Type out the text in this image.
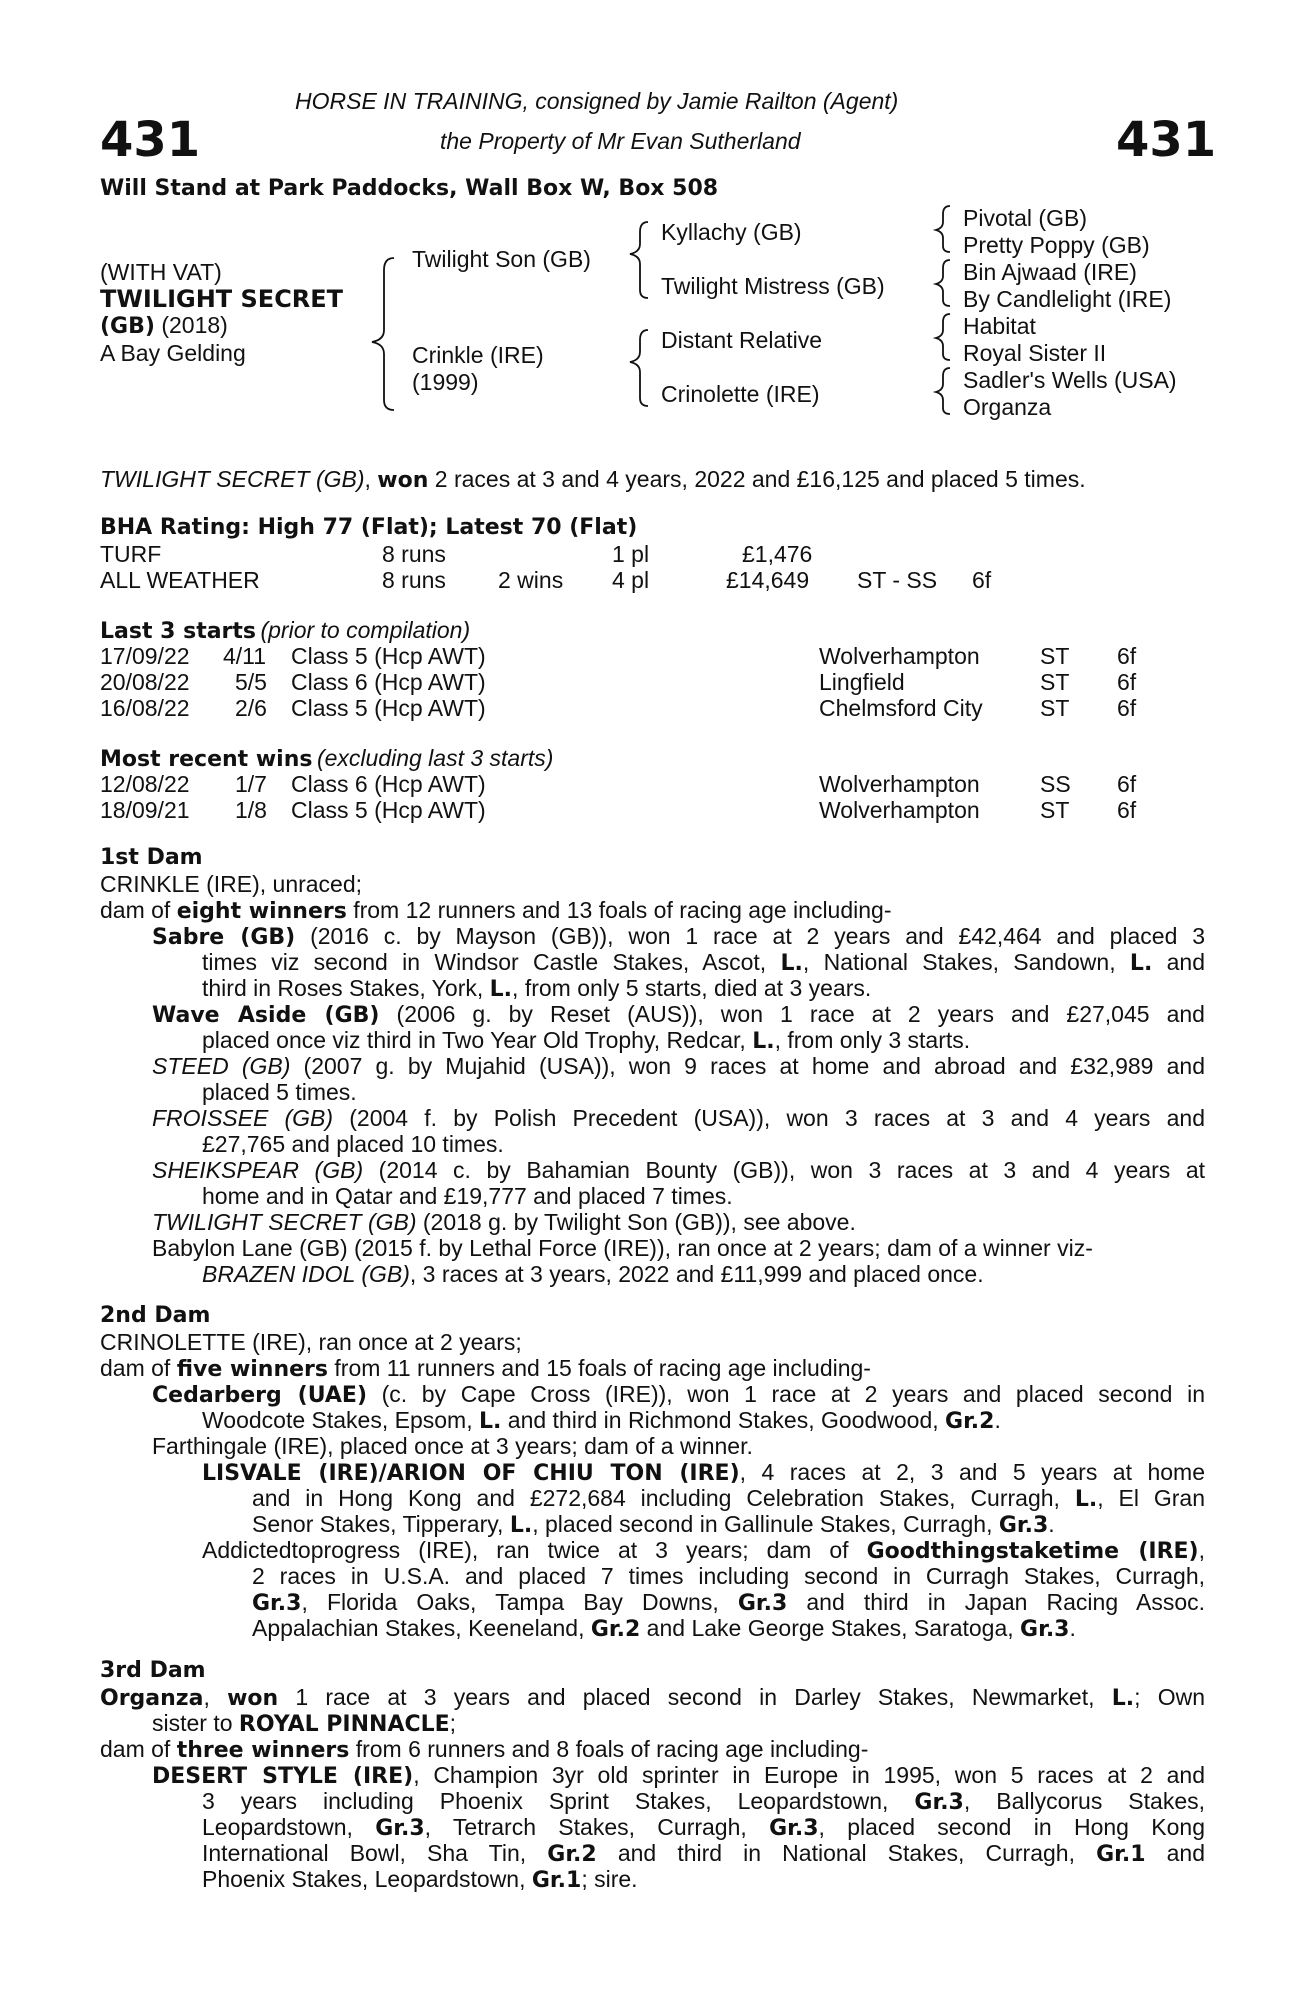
431	431
HORSE IN TRAINING, consigned by Jamie Railton (Agent)
the Property of Mr Evan Sutherland
Will Stand at Park Paddocks, Wall Box W, Box 508
(WITH VAT)
TWILIGHT SECRET
(GB) (2018)
A Bay Gelding
Twilight Son (GB)
Crinkle (IRE)
(1999)
Kyllachy (GB)
Twilight Mistress (GB)
Distant Relative
Crinolette (IRE)
Pivotal (GB)
Pretty Poppy (GB)
Bin Ajwaad (IRE)
By Candlelight (IRE)
Habitat
Royal Sister II
Sadler's Wells (USA)
Organza
TWILIGHT SECRET (GB), won 2 races at 3 and 4 years, 2022 and £16,125 and placed 5 times.
BHA Rating: High 77 (Flat); Latest 70 (Flat)
TURF	8 runs	1 pl	£1,476
ALL WEATHER	8 runs 2 wins 4 pl	£14,649 ST - SS 6f
Last 3 starts (prior to compilation)
17/09/22 4/11 Class 5 (Hcp AWT)	Wolverhampton	ST 6f
20/08/22 5/5 Class 6 (Hcp AWT)	Lingfield	ST 6f
16/08/22 2/6 Class 5 (Hcp AWT)	Chelmsford City ST 6f
Most recent wins (excluding last 3 starts)
12/08/22 1/7 Class 6 (Hcp AWT)	Wolverhampton	SS 6f
18/09/21 1/8 Class 5 (Hcp AWT)	Wolverhampton	ST 6f
1st Dam
CRINKLE (IRE), unraced;
dam of eight winners from 12 runners and 13 foals of racing age including-
Sabre (GB) (2016 c. by Mayson (GB)), won 1 race at 2 years and £42,464 and placed 3
times viz second in Windsor Castle Stakes, Ascot, L., National Stakes, Sandown, L. and
third in Roses Stakes, York, L., from only 5 starts, died at 3 years.
Wave Aside (GB) (2006 g. by Reset (AUS)), won 1 race at 2 years and £27,045 and
placed once viz third in Two Year Old Trophy, Redcar, L., from only 3 starts.
STEED (GB) (2007 g. by Mujahid (USA)), won 9 races at home and abroad and £32,989 and
placed 5 times.
FROISSEE (GB) (2004 f. by Polish Precedent (USA)), won 3 races at 3 and 4 years and
£27,765 and placed 10 times.
SHEIKSPEAR (GB) (2014 c. by Bahamian Bounty (GB)), won 3 races at 3 and 4 years at
home and in Qatar and £19,777 and placed 7 times.
TWILIGHT SECRET (GB) (2018 g. by Twilight Son (GB)), see above.
Babylon Lane (GB) (2015 f. by Lethal Force (IRE)), ran once at 2 years; dam of a winner viz-
BRAZEN IDOL (GB), 3 races at 3 years, 2022 and £11,999 and placed once.
2nd Dam
CRINOLETTE (IRE), ran once at 2 years;
dam of five winners from 11 runners and 15 foals of racing age including-
Cedarberg (UAE) (c. by Cape Cross (IRE)), won 1 race at 2 years and placed second in
Woodcote Stakes, Epsom, L. and third in Richmond Stakes, Goodwood, Gr.2.
Farthingale (IRE), placed once at 3 years; dam of a winner.
LISVALE (IRE)/ARION OF CHIU TON (IRE), 4 races at 2, 3 and 5 years at home
and in Hong Kong and £272,684 including Celebration Stakes, Curragh, L., El Gran
Senor Stakes, Tipperary, L., placed second in Gallinule Stakes, Curragh, Gr.3.
Addictedtoprogress (IRE), ran twice at 3 years; dam of Goodthingstaketime (IRE),
2 races in U.S.A. and placed 7 times including second in Curragh Stakes, Curragh,
Gr.3, Florida Oaks, Tampa Bay Downs, Gr.3 and third in Japan Racing Assoc.
Appalachian Stakes, Keeneland, Gr.2 and Lake George Stakes, Saratoga, Gr.3.
3rd Dam
Organza, won 1 race at 3 years and placed second in Darley Stakes, Newmarket, L.; Own
sister to ROYAL PINNACLE;
dam of three winners from 6 runners and 8 foals of racing age including-
DESERT STYLE (IRE), Champion 3yr old sprinter in Europe in 1995, won 5 races at 2 and
3 years including Phoenix Sprint Stakes, Leopardstown, Gr.3, Ballycorus Stakes,
Leopardstown, Gr.3, Tetrarch Stakes, Curragh, Gr.3, placed second in Hong Kong
International Bowl, Sha Tin, Gr.2 and third in National Stakes, Curragh, Gr.1 and
Phoenix Stakes, Leopardstown, Gr.1; sire.
